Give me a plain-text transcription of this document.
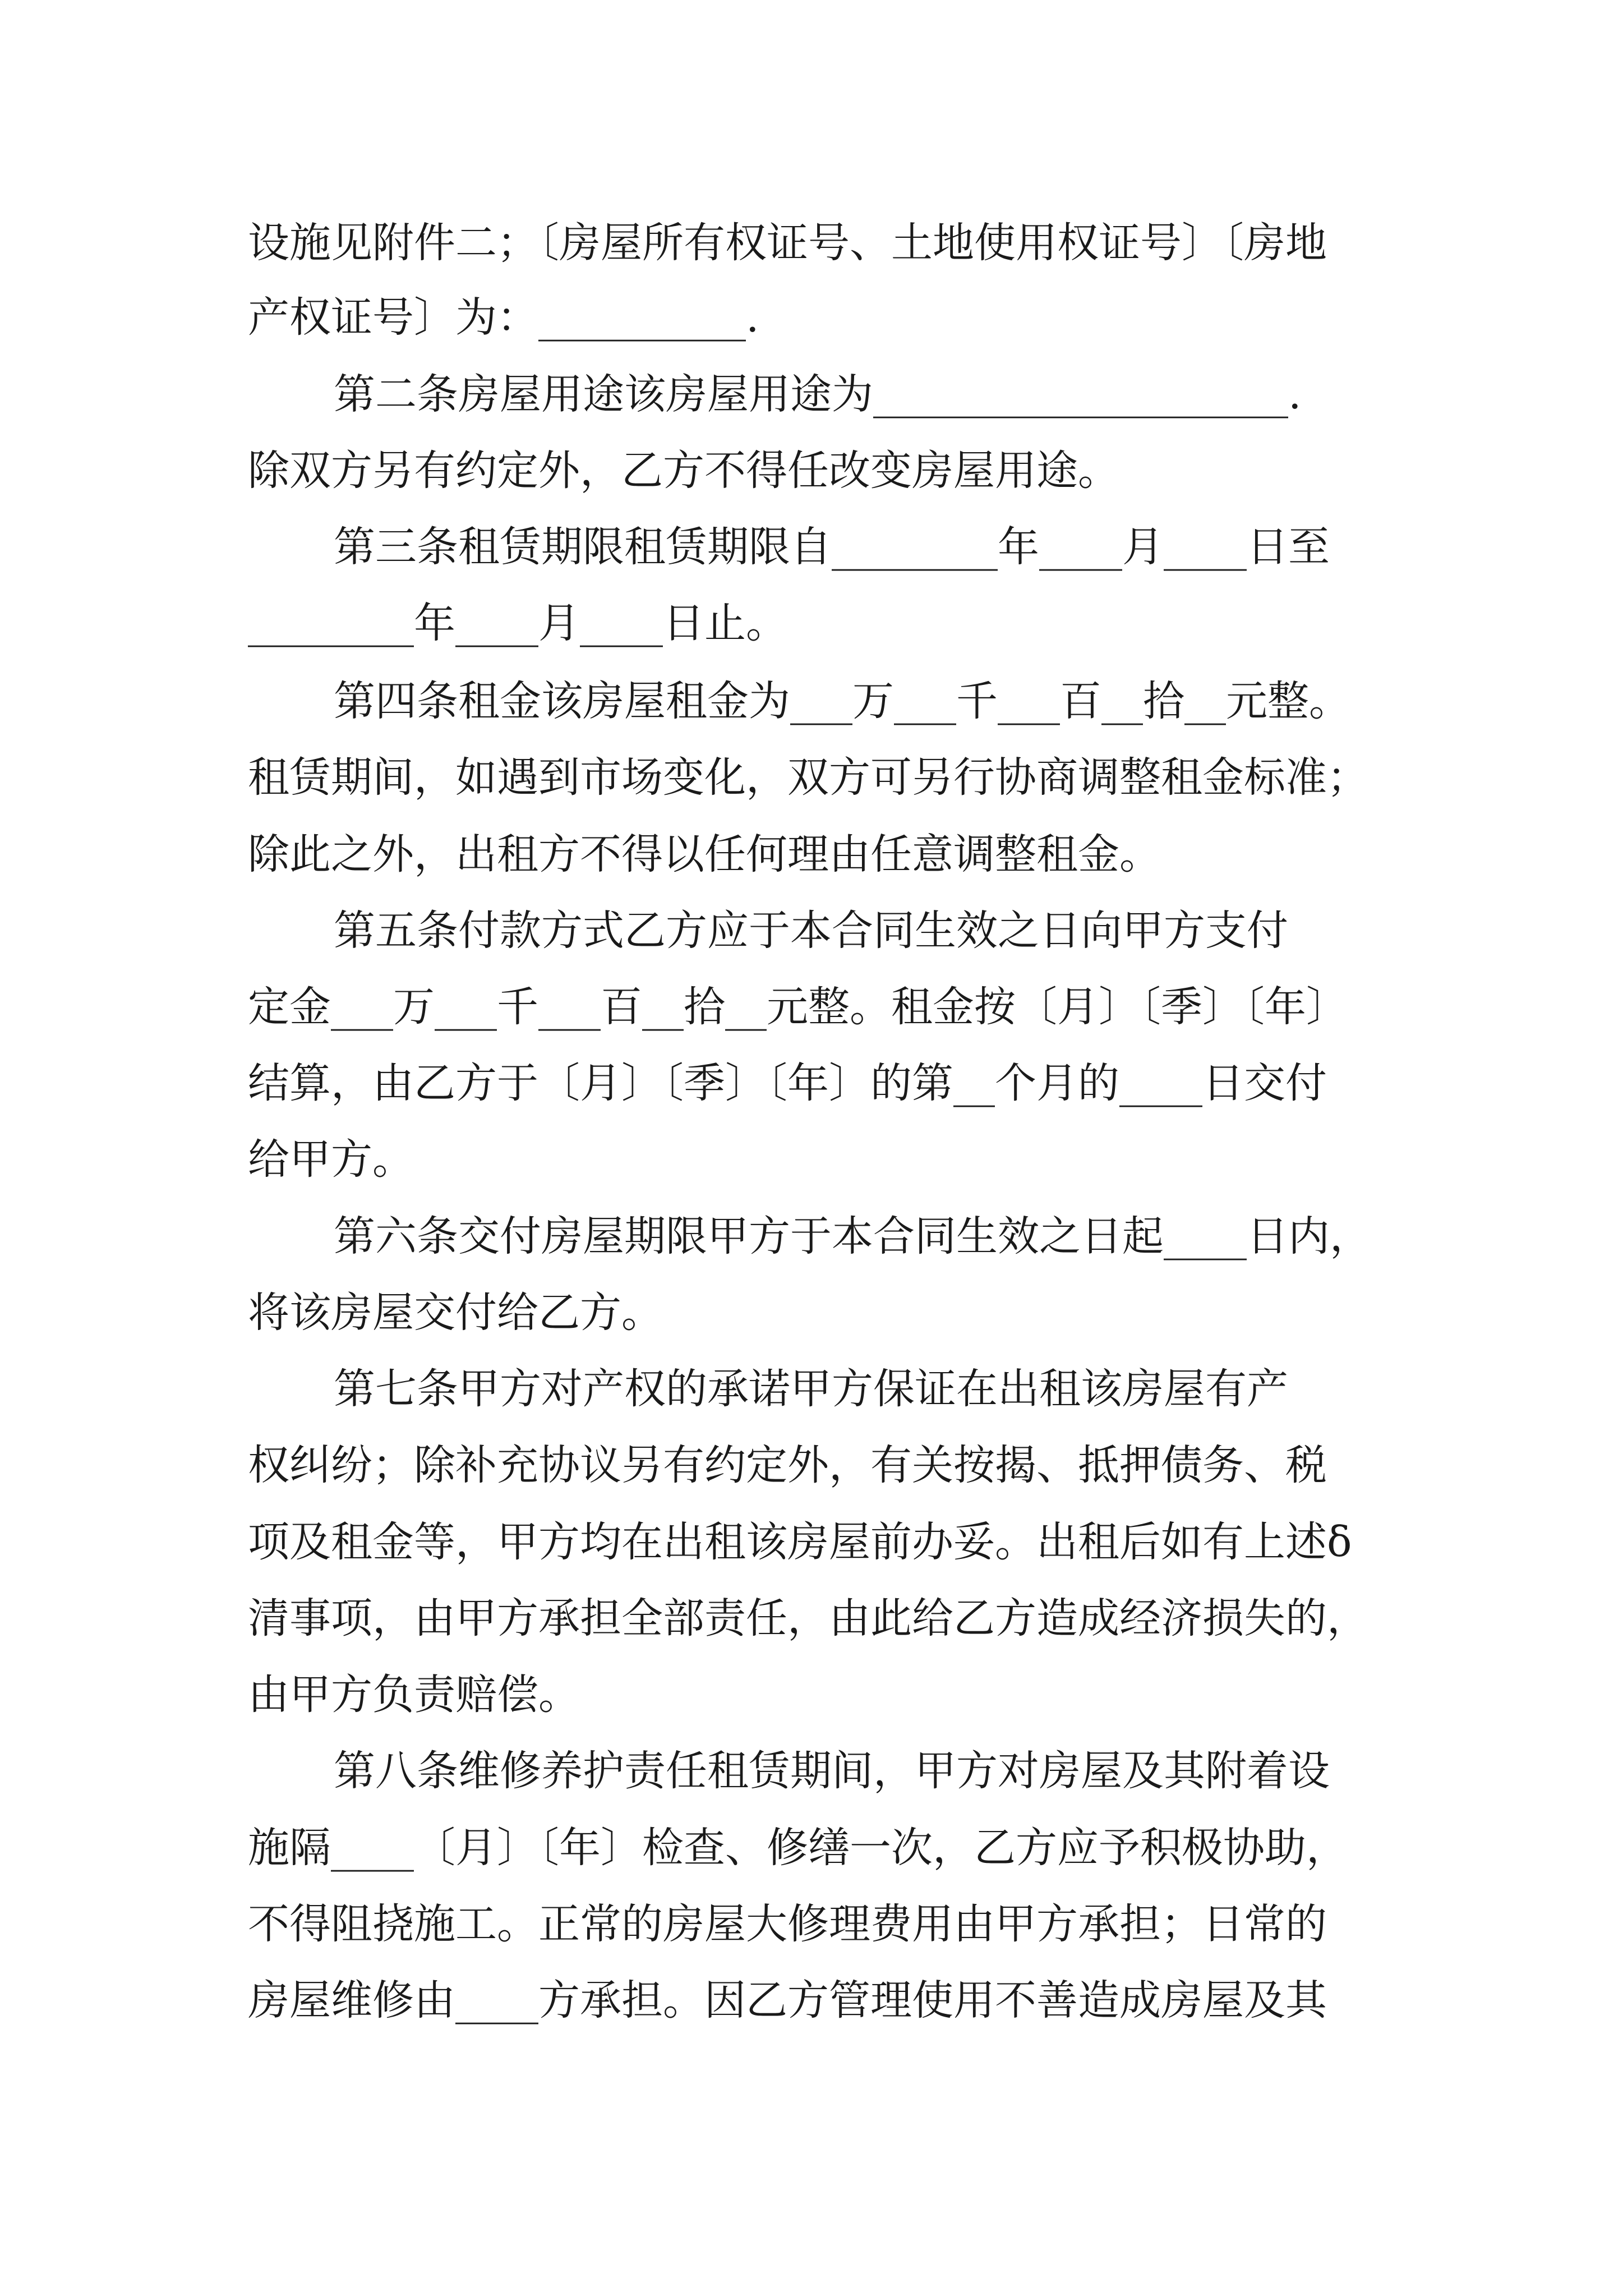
设施见附件二；〔房屋所有权证号、土地使用权证号〕〔房地
产权证号〕为：__________.
第二条房屋用途该房屋用途为____________________.
除双方另有约定外，乙方不得任改变房屋用途。
第三条租赁期限租赁期限自________年____月____日至
________年____月____日止。
第四条租金该房屋租金为___万___千___百__拾__元整。
租赁期间，如遇到市场变化，双方可另行协商调整租金标准；
除此之外，出租方不得以任何理由任意调整租金。
第五条付款方式乙方应于本合同生效之日向甲方支付
定金___万___千___百__拾__元整。租金按〔月〕〔季〕〔年〕
结算，由乙方于〔月〕〔季〕〔年〕的第__个月的____日交付
给甲方。
第六条交付房屋期限甲方于本合同生效之日起____日内，
将该房屋交付给乙方。
第七条甲方对产权的承诺甲方保证在出租该房屋有产
权纠纷；除补充协议另有约定外，有关按揭、抵押债务、税
项及租金等，甲方均在出租该房屋前办妥。出租后如有上述δ
清事项，由甲方承担全部责任，由此给乙方造成经济损失的，
由甲方负责赔偿。
第八条维修养护责任租赁期间，甲方对房屋及其附着设
施隔____〔月〕〔年〕检查、修缮一次，乙方应予积极协助，
不得阻挠施工。正常的房屋大修理费用由甲方承担；日常的
房屋维修由____方承担。因乙方管理使用不善造成房屋及其
